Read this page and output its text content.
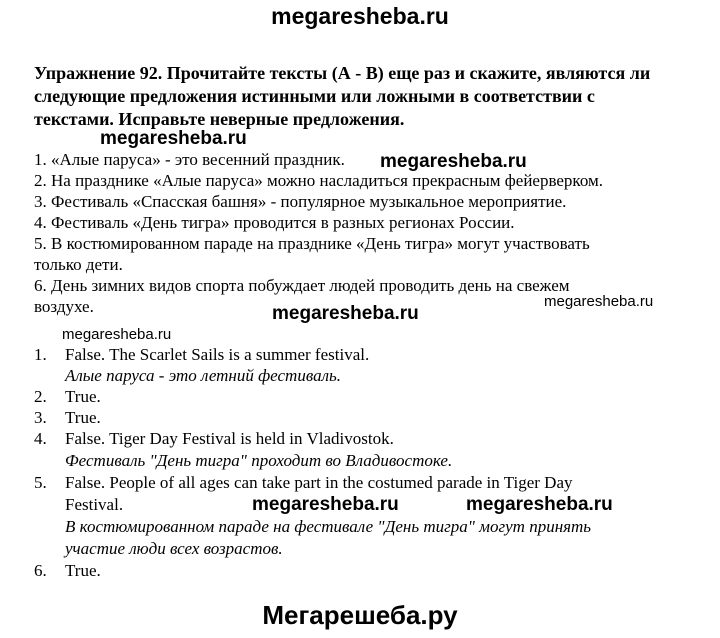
megaresheba.ru
Упражнение 92. Прочитайте тексты (А - В) еще раз и скажите, являются ли
следующие предложения истинными или ложными в соответствии с
текстами. Исправьте неверные предложения.
megaresheba.ru
1. «Алые паруса» - это весенний праздник. megaresheba.ru
2. На празднике «Алые паруса» можно насладиться прекрасным фейерверком.
3. Фестиваль «Спасская башня» - популярное музыкальное мероприятие.
4. Фестиваль «День тигра» проводится в разных регионах России.
5. В костюмированном параде на празднике «День тигра» могут участвовать
только дети.
6. День зимних видов спорта побуждает людей проводить день на свежем
воздухе.	megaresheba.ru
megaresheba.ru
megaresheba.ru
1. False. The Scarlet Sails is a summer festival.
Алые паруса - это летний фестиваль.
2. True.
3. True.
4. False. Tiger Day Festival is held in Vladivostok.
Фестиваль "День тигра" проходит во Владивостоке.
5. False. People of all ages can take part in the costumed parade in Tiger Day
Festival.
В костюмированном параде на фестивале "День тигра" могут принять
участие люди всех возрастов.
6. True.
megaresheba.ru	megaresheba.ru
Мегарешеба.ру
